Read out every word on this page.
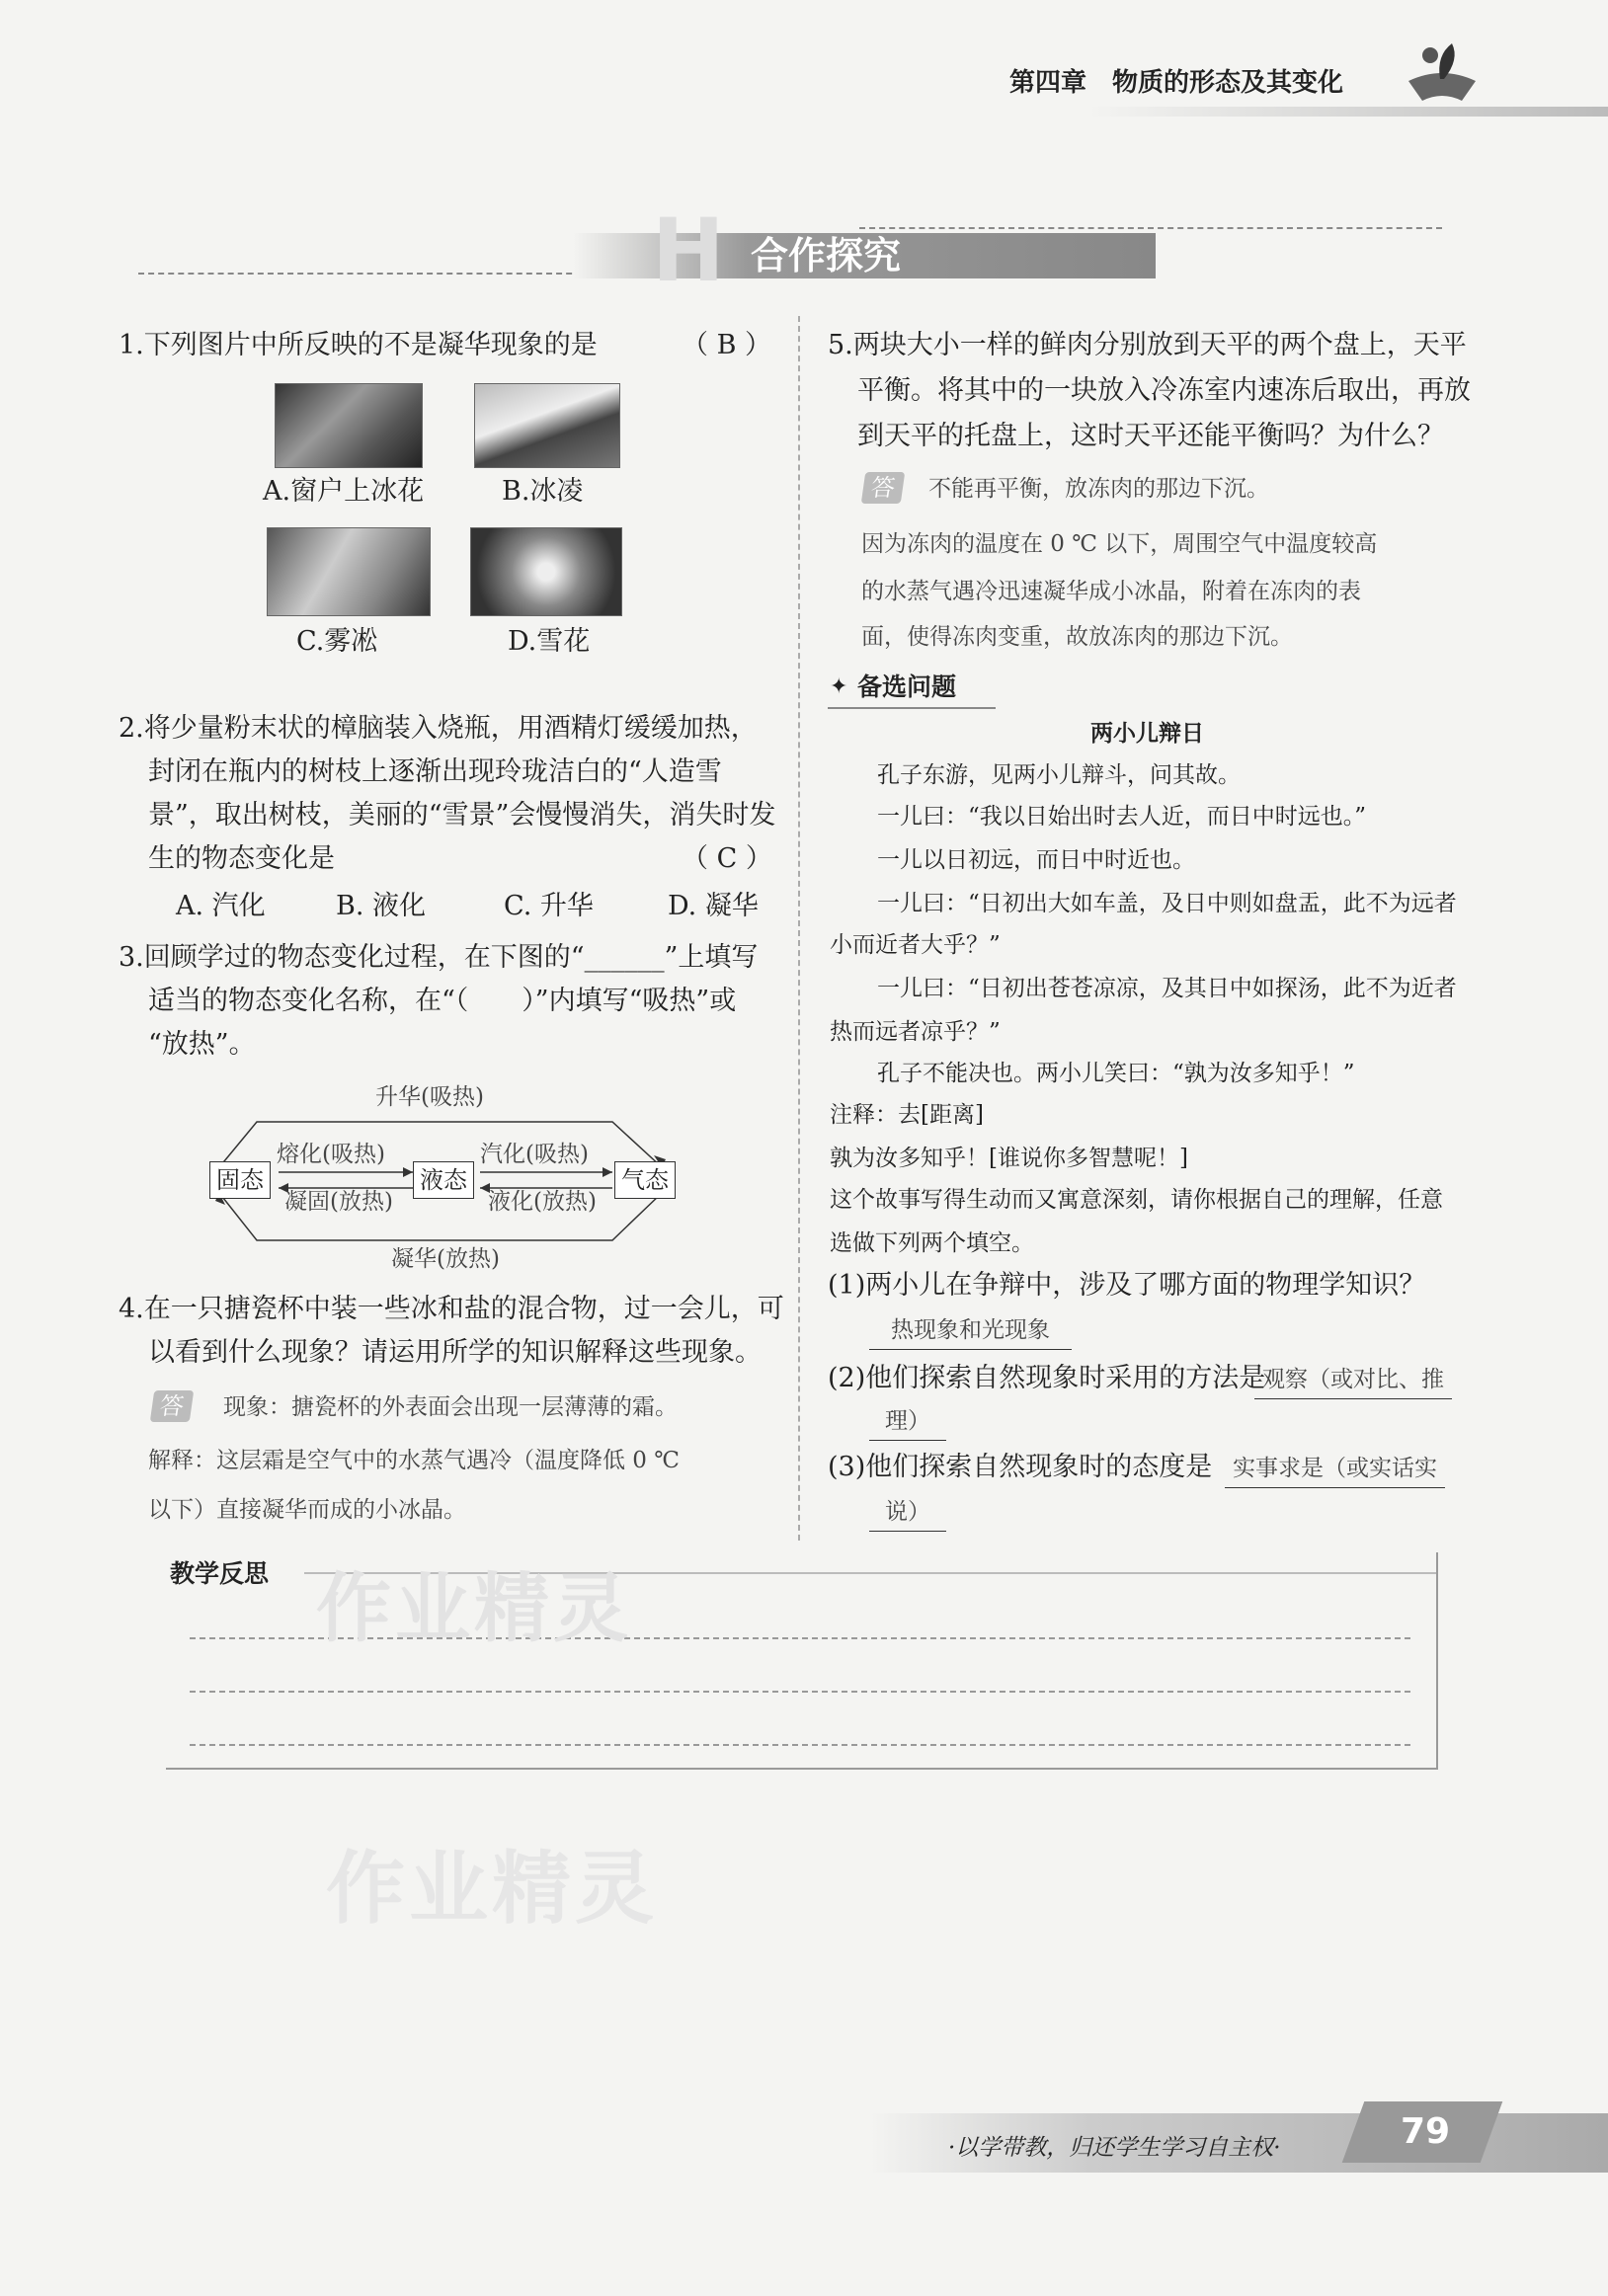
第四章　物质的形态及其变化
H 合作探究
1.下列图片中所反映的不是凝华现象的是	（ B ）
A.窗户上冰花	B.冰凌
C.雾凇	D.雪花
2.将少量粉末状的樟脑装入烧瓶，用酒精灯缓缓加热，
封闭在瓶内的树枝上逐渐出现玲珑洁白的“人造雪
景”，取出树枝，美丽的“雪景”会慢慢消失，消失时发
生的物态变化是	（ C ）
A. 汽化	B. 液化	C. 升华	D. 凝华
3.回顾学过的物态变化过程，在下图的“______”上填写
适当的物态变化名称，在“（　　）”内填写“吸热”或
“放热”。
固态	液态	气态
升华(吸热)
熔化(吸热)
凝固(放热)
汽化(吸热)
液化(放热)
凝华(放热)
4.在一只搪瓷杯中装一些冰和盐的混合物，过一会儿，可
以看到什么现象？请运用所学的知识解释这些现象。
答	现象：搪瓷杯的外表面会出现一层薄薄的霜。
解释：这层霜是空气中的水蒸气遇冷（温度降低 0 ℃
以下）直接凝华而成的小冰晶。
5.两块大小一样的鲜肉分别放到天平的两个盘上，天平
平衡。将其中的一块放入冷冻室内速冻后取出，再放
到天平的托盘上，这时天平还能平衡吗？为什么？
答	不能再平衡，放冻肉的那边下沉。
因为冻肉的温度在 0 ℃ 以下，周围空气中温度较高
的水蒸气遇冷迅速凝华成小冰晶，附着在冻肉的表
面，使得冻肉变重，故放冻肉的那边下沉。
✦ 备选问题
两小儿辩日
孔子东游，见两小儿辩斗，问其故。
一儿曰：“我以日始出时去人近，而日中时远也。”
一儿以日初远，而日中时近也。
一儿曰：“日初出大如车盖，及日中则如盘盂，此不为远者
小而近者大乎？”
一儿曰：“日初出苍苍凉凉，及其日中如探汤，此不为近者
热而远者凉乎？”
孔子不能决也。两小儿笑曰：“孰为汝多知乎！”
注释：去[距离]
孰为汝多知乎！[谁说你多智慧呢！]
这个故事写得生动而又寓意深刻，请你根据自己的理解，任意
选做下列两个填空。
(1)两小儿在争辩中，涉及了哪方面的物理学知识？
热现象和光现象
(2)他们探索自然现象时采用的方法是
观察（或对比、推
理）
(3)他们探索自然现象时的态度是 实事求是（或实话实
说）
教学反思 作业精灵
作业精灵
·以学带教，归还学生学习自主权·	79
